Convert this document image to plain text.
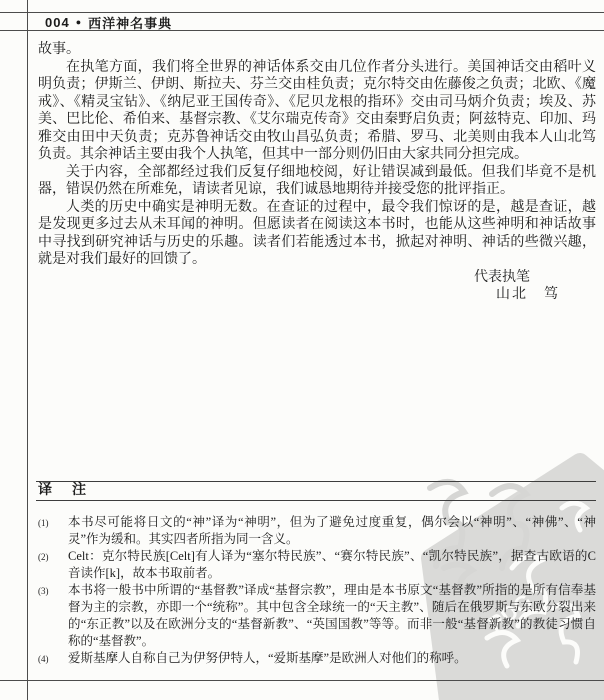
PDG
004 ● 西洋神名事典

故事。

在执笔方面，我们将全世界的神话体系交由几位作者分头进行。美国神话交由稻叶义明负责；伊斯兰、伊朗、斯拉夫、芬兰交由桂负责；克尔特交由佐藤俊之负责；北欧、《魔戒》、《精灵宝钻》、《纳尼亚王国传奇》、《尼贝龙根的指环》交由司马炳介负责；埃及、苏美、巴比伦、希伯来、基督宗教、《艾尔瑞克传奇》交由秦野启负责；阿兹特克、印加、玛雅交由田中天负责；克苏鲁神话交由牧山昌弘负责；希腊、罗马、北美则由我本人山北笃负责。其余神话主要由我个人执笔，但其中一部分则仍旧由大家共同分担完成。

关于内容，全部都经过我们反复仔细地校阅，好让错误减到最低。但我们毕竟不是机器，错误仍然在所难免，请读者见谅，我们诚恳地期待并接受您的批评指正。

人类的历史中确实是神明无数。在查证的过程中，最令我们惊讶的是，越是查证，越是发现更多过去从未耳闻的神明。但愿读者在阅读这本书时，也能从这些神明和神话故事中寻找到研究神话与历史的乐趣。读者们若能透过本书，掀起对神明、神话的些微兴趣，就是对我们最好的回馈了。

代表执笔

山北　笃

译　注
(1)	本书尽可能将日文的“神”译为“神明”，但为了避免过度重复，偶尔会以“神明”、“神佛”、“神灵”作为缓和。其实四者所指为同一含义。
(2)	Celt：克尔特民族[Celt]有人译为“塞尔特民族”、“赛尔特民族”、“凯尔特民族”，据查古欧语的C音读作[k]，故本书取前者。
(3)	本书将一般书中所谓的“基督教”译成“基督宗教”，理由是本书原文“基督教”所指的是所有信奉基督为主的宗教，亦即一个“统称”。其中包含全球统一的“天主教”、随后在俄罗斯与东欧分裂出来的“东正教”以及在欧洲分支的“基督新教”、“英国国教”等等。而非一般“基督新教”的教徒习惯自称的“基督教”。
(4)	爱斯基摩人自称自己为伊努伊特人，“爱斯基摩”是欧洲人对他们的称呼。
